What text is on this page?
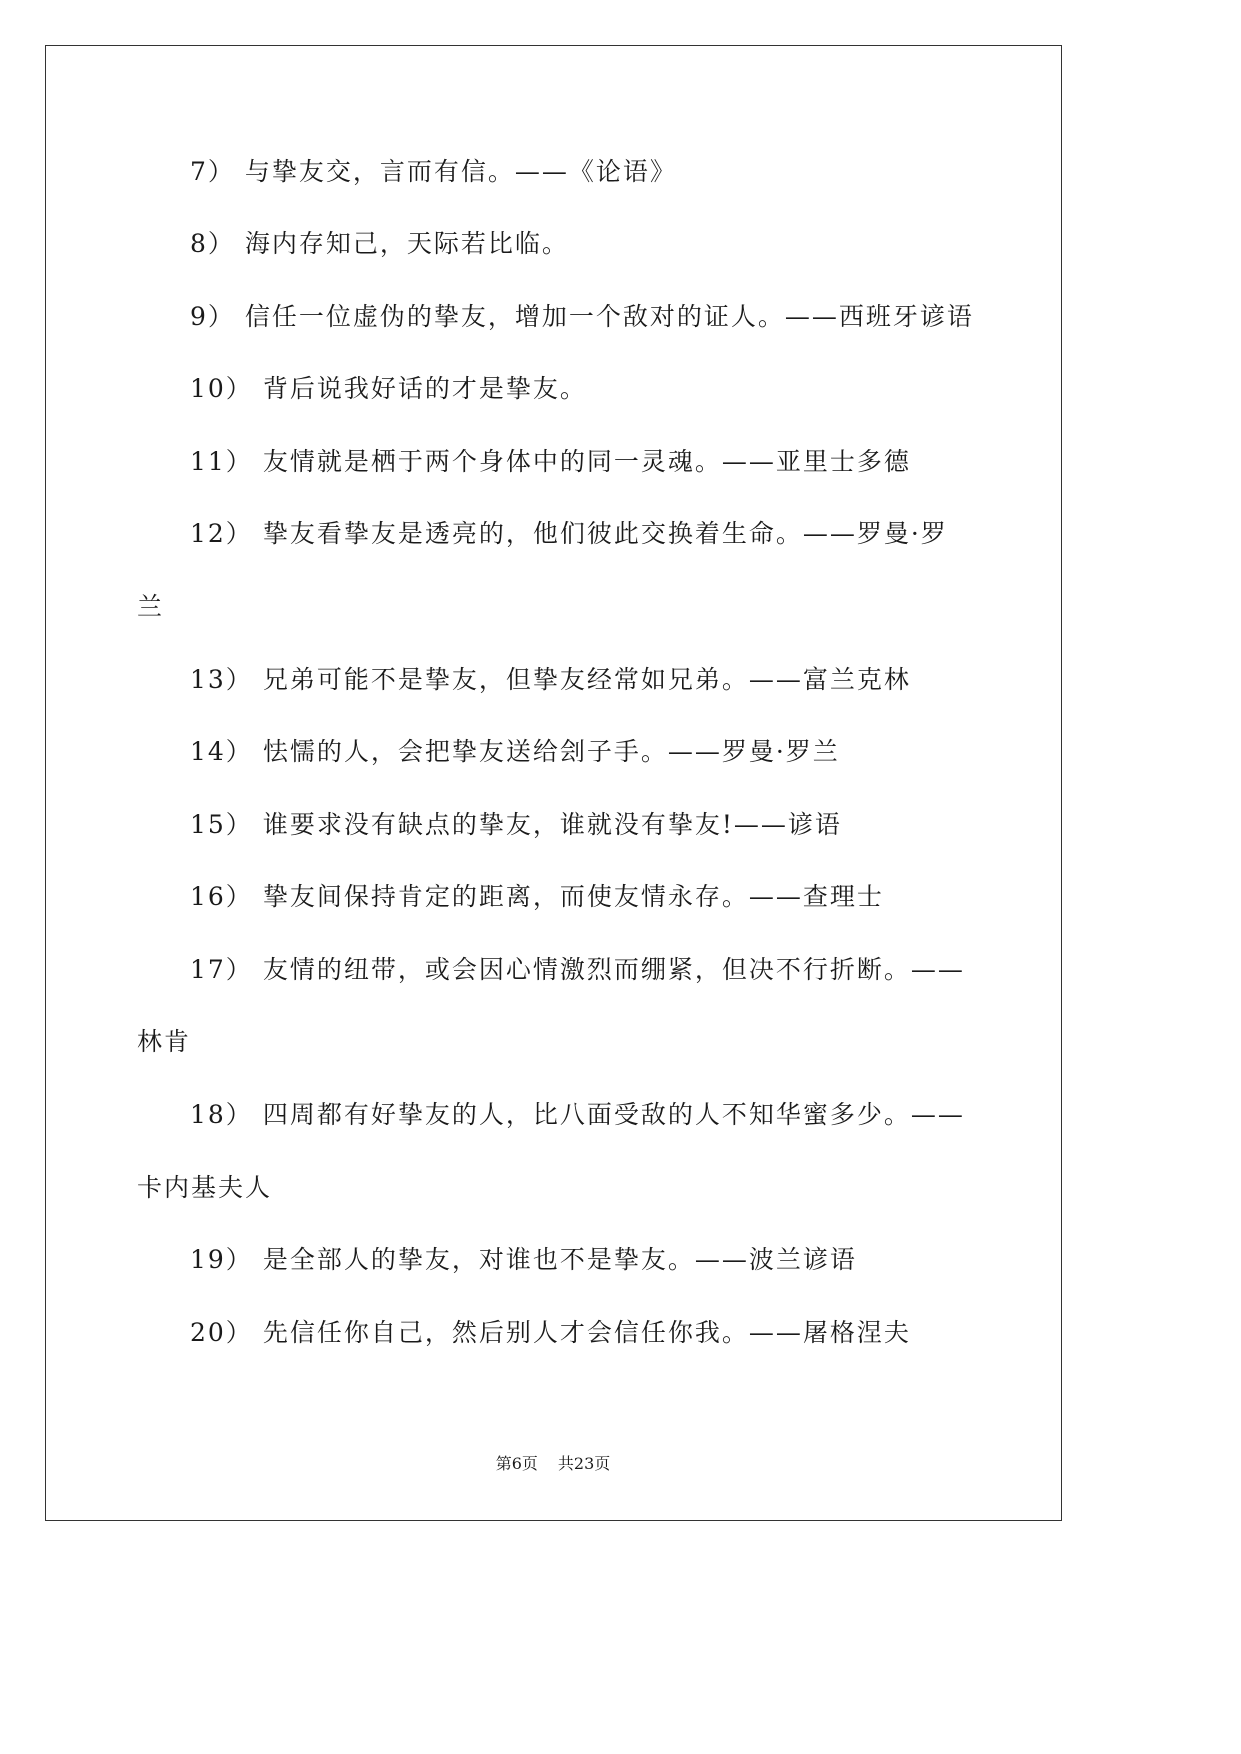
7） 与挚友交，言而有信。——《论语》
8） 海内存知己，天际若比临。
9） 信任一位虚伪的挚友，增加一个敌对的证人。——西班牙谚语
10） 背后说我好话的才是挚友。
11） 友情就是栖于两个身体中的同一灵魂。——亚里士多德
12） 挚友看挚友是透亮的，他们彼此交换着生命。——罗曼·罗
兰
13） 兄弟可能不是挚友，但挚友经常如兄弟。——富兰克林
14） 怯懦的人，会把挚友送给刽子手。——罗曼·罗兰
15） 谁要求没有缺点的挚友，谁就没有挚友!——谚语
16） 挚友间保持肯定的距离，而使友情永存。——查理士
17） 友情的纽带，或会因心情激烈而绷紧，但决不行折断。——
林肯
18） 四周都有好挚友的人，比八面受敌的人不知华蜜多少。——
卡内基夫人
19） 是全部人的挚友，对谁也不是挚友。——波兰谚语
20） 先信任你自己，然后别人才会信任你我。——屠格涅夫
第6页 共23页
